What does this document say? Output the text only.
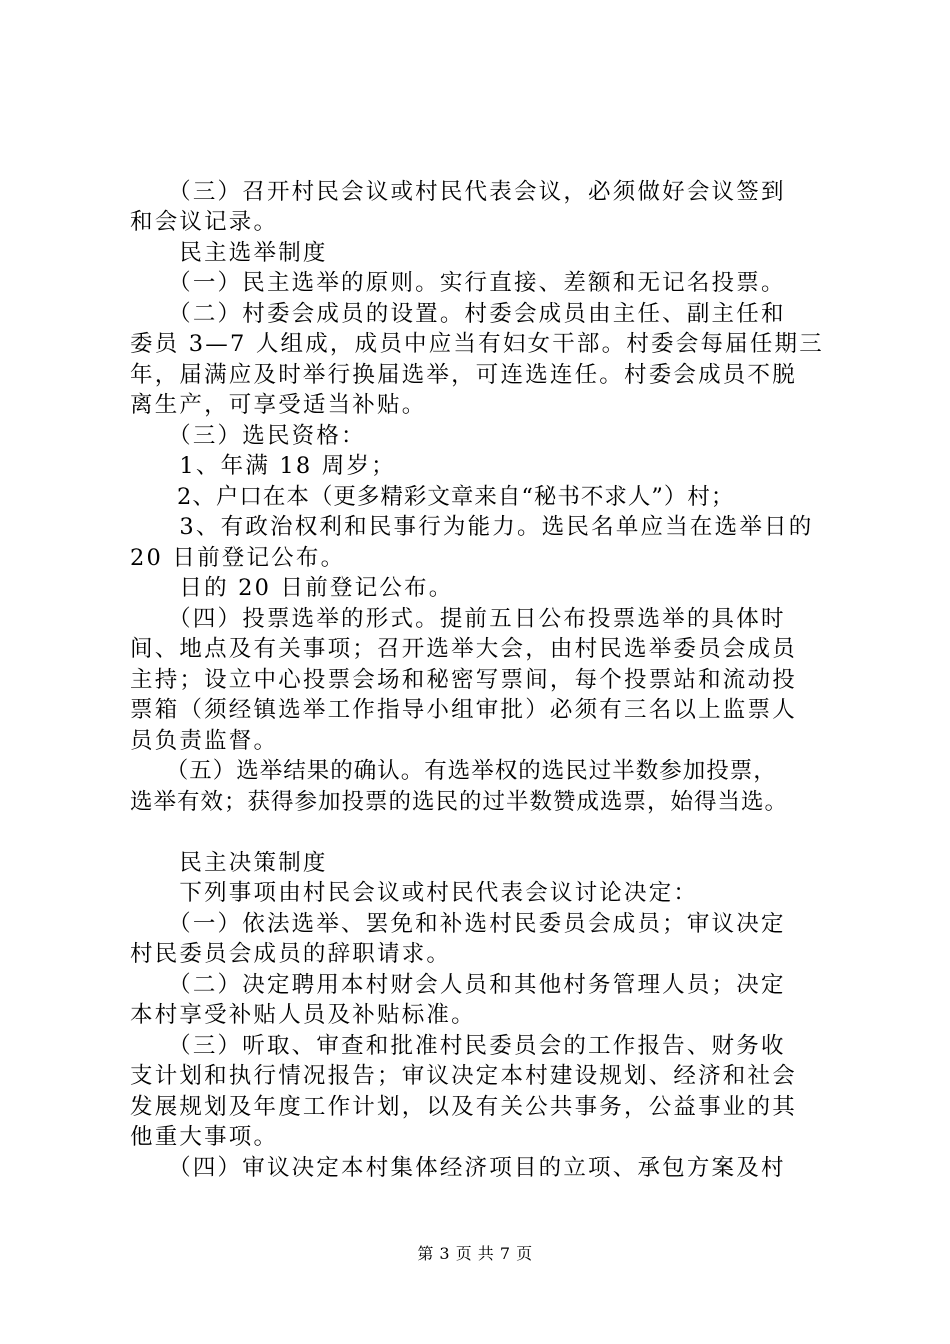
　　（三）召开村民会议或村民代表会议，必须做好会议签到
和会议记录。
　　民主选举制度
　　（一）民主选举的原则。实行直接、差额和无记名投票。
　　（二）村委会成员的设置。村委会成员由主任、副主任和
委员 3—7 人组成，成员中应当有妇女干部。村委会每届任期三
年，届满应及时举行换届选举，可连选连任。村委会成员不脱
离生产，可享受适当补贴。
　　（三）选民资格：
　　1、年满 18 周岁；
　　2、户口在本（更多精彩文章来自“秘书不求人”）村；
　　3、有政治权利和民事行为能力。选民名单应当在选举日的
20 日前登记公布。
　　日的 20 日前登记公布。
　　（四）投票选举的形式。提前五日公布投票选举的具体时
间、地点及有关事项；召开选举大会，由村民选举委员会成员
主持；设立中心投票会场和秘密写票间，每个投票站和流动投
票箱（须经镇选举工作指导小组审批）必须有三名以上监票人
员负责监督。
　　（五）选举结果的确认。有选举权的选民过半数参加投票，
选举有效；获得参加投票的选民的过半数赞成选票，始得当选。
　　民主决策制度
　　下列事项由村民会议或村民代表会议讨论决定：
　　（一）依法选举、罢免和补选村民委员会成员；审议决定
村民委员会成员的辞职请求。
　　（二）决定聘用本村财会人员和其他村务管理人员；决定
本村享受补贴人员及补贴标准。
　　（三）听取、审查和批准村民委员会的工作报告、财务收
支计划和执行情况报告；审议决定本村建设规划、经济和社会
发展规划及年度工作计划，以及有关公共事务，公益事业的其
他重大事项。
　　（四）审议决定本村集体经济项目的立项、承包方案及村
第 3 页 共 7 页
